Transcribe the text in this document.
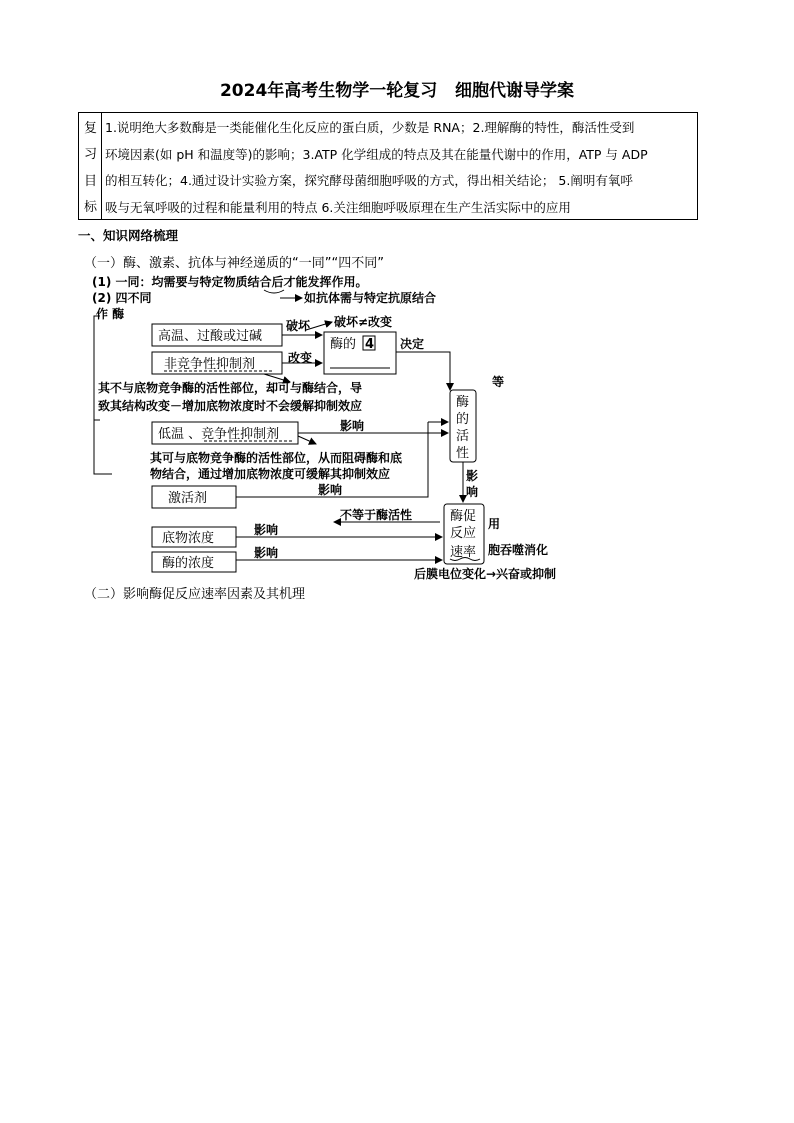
2024年高考生物学一轮复习   细胞代谢导学案
复
习
目
标
1.说明绝大多数酶是一类能催化生化反应的蛋白质，少数是 RNA；2.理解酶的特性，酶活性受到
环境因素(如 pH 和温度等)的影响；3.ATP 化学组成的特点及其在能量代谢中的作用，ATP 与 ADP
的相互转化；4.通过设计实验方案，探究酵母菌细胞呼吸的方式，得出相关结论； 5.阐明有氧呼
吸与无氧呼吸的过程和能量利用的特点 6.关注细胞呼吸原理在生产生活实际中的应用
一、知识网络梳理
（一）酶、激素、抗体与神经递质的“一同”“四不同”
(1) 一同：均需要与特定物质结合后才能发挥作用。
如抗体需与特定抗原结合
(2) 四不同
作 酶
高温、过酸或过碱
非竞争性抑制剂
破坏
改变
破坏≠改变
酶的 4 决定
等
其不与底物竞争酶的活性部位，却可与酶结合，导
致其结构改变－增加底物浓度时不会缓解抑制效应	酶
的
活
性
低温 、竞争性抑制剂
影响
其可与底物竞争酶的活性部位，从而阻碍酶和底
物结合，通过增加底物浓度可缓解其抑制效应
激活剂
影响
影
响
酶促
反应
速率
不等于酶活性
用
胞吞噬消化
底物浓度
影响
酶的浓度
影响
后膜电位变化→兴奋或抑制
（二）影响酶促反应速率因素及其机理
